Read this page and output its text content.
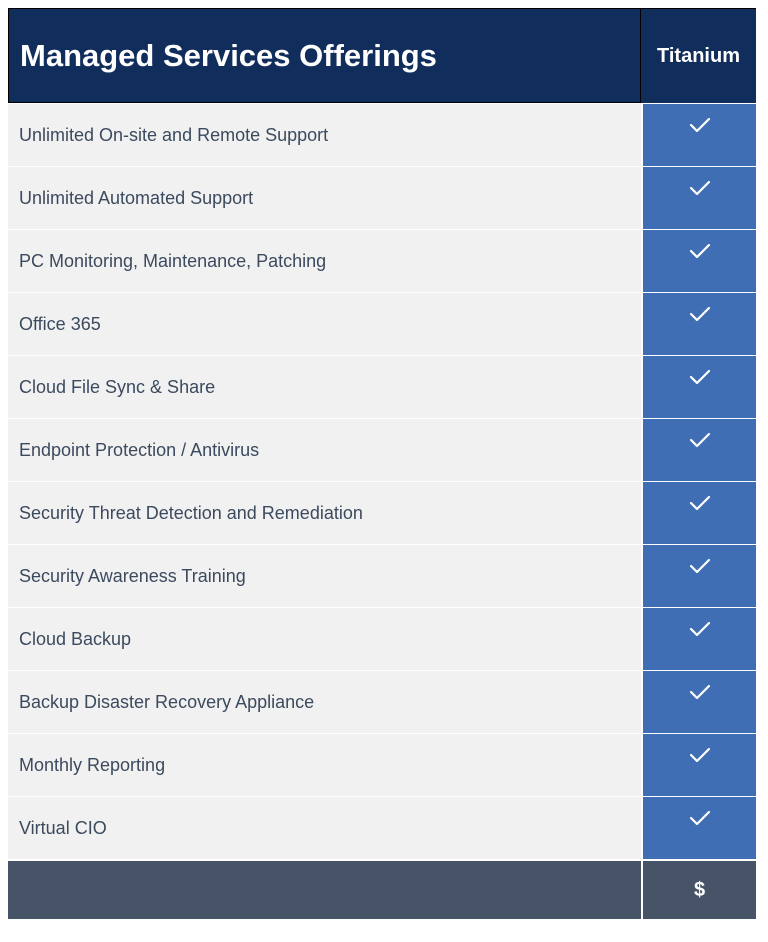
Managed Services Offerings	Titanium
Unlimited On-site and Remote Support
Unlimited Automated Support
PC Monitoring, Maintenance, Patching
Office 365
Cloud File Sync & Share
Endpoint Protection / Antivirus
Security Threat Detection and Remediation
Security Awareness Training
Cloud Backup
Backup Disaster Recovery Appliance
Monthly Reporting
Virtual CIO
$
